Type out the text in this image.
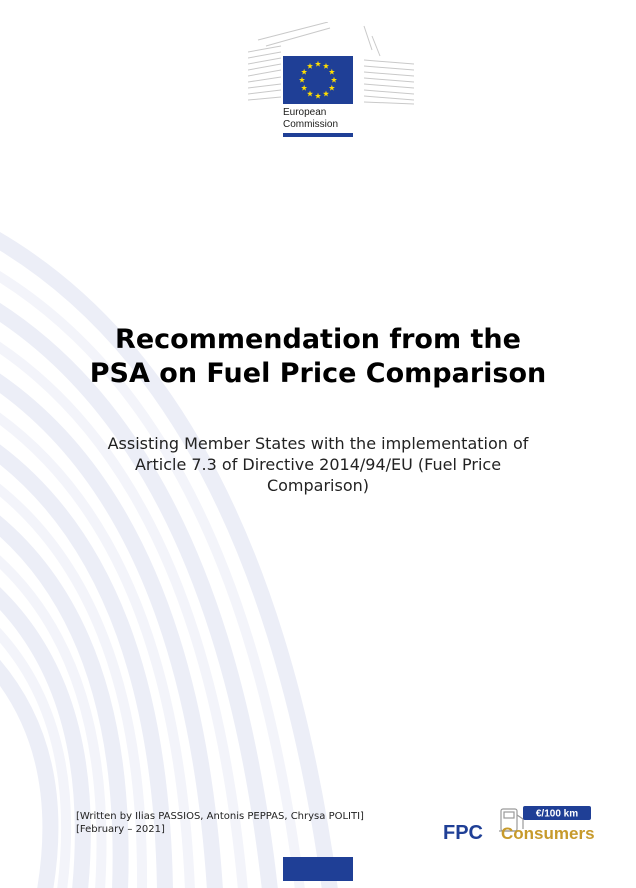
European
Commission
Recommendation from the
PSA on Fuel Price Comparison
Assisting Member States with the implementation of
Article 7.3 of Directive 2014/94/EU (Fuel Price
Comparison)
[Written by Ilias PASSIOS, Antonis PEPPAS, Chrysa POLITI]
[February – 2021]
€/100 km
FPC Consumers
